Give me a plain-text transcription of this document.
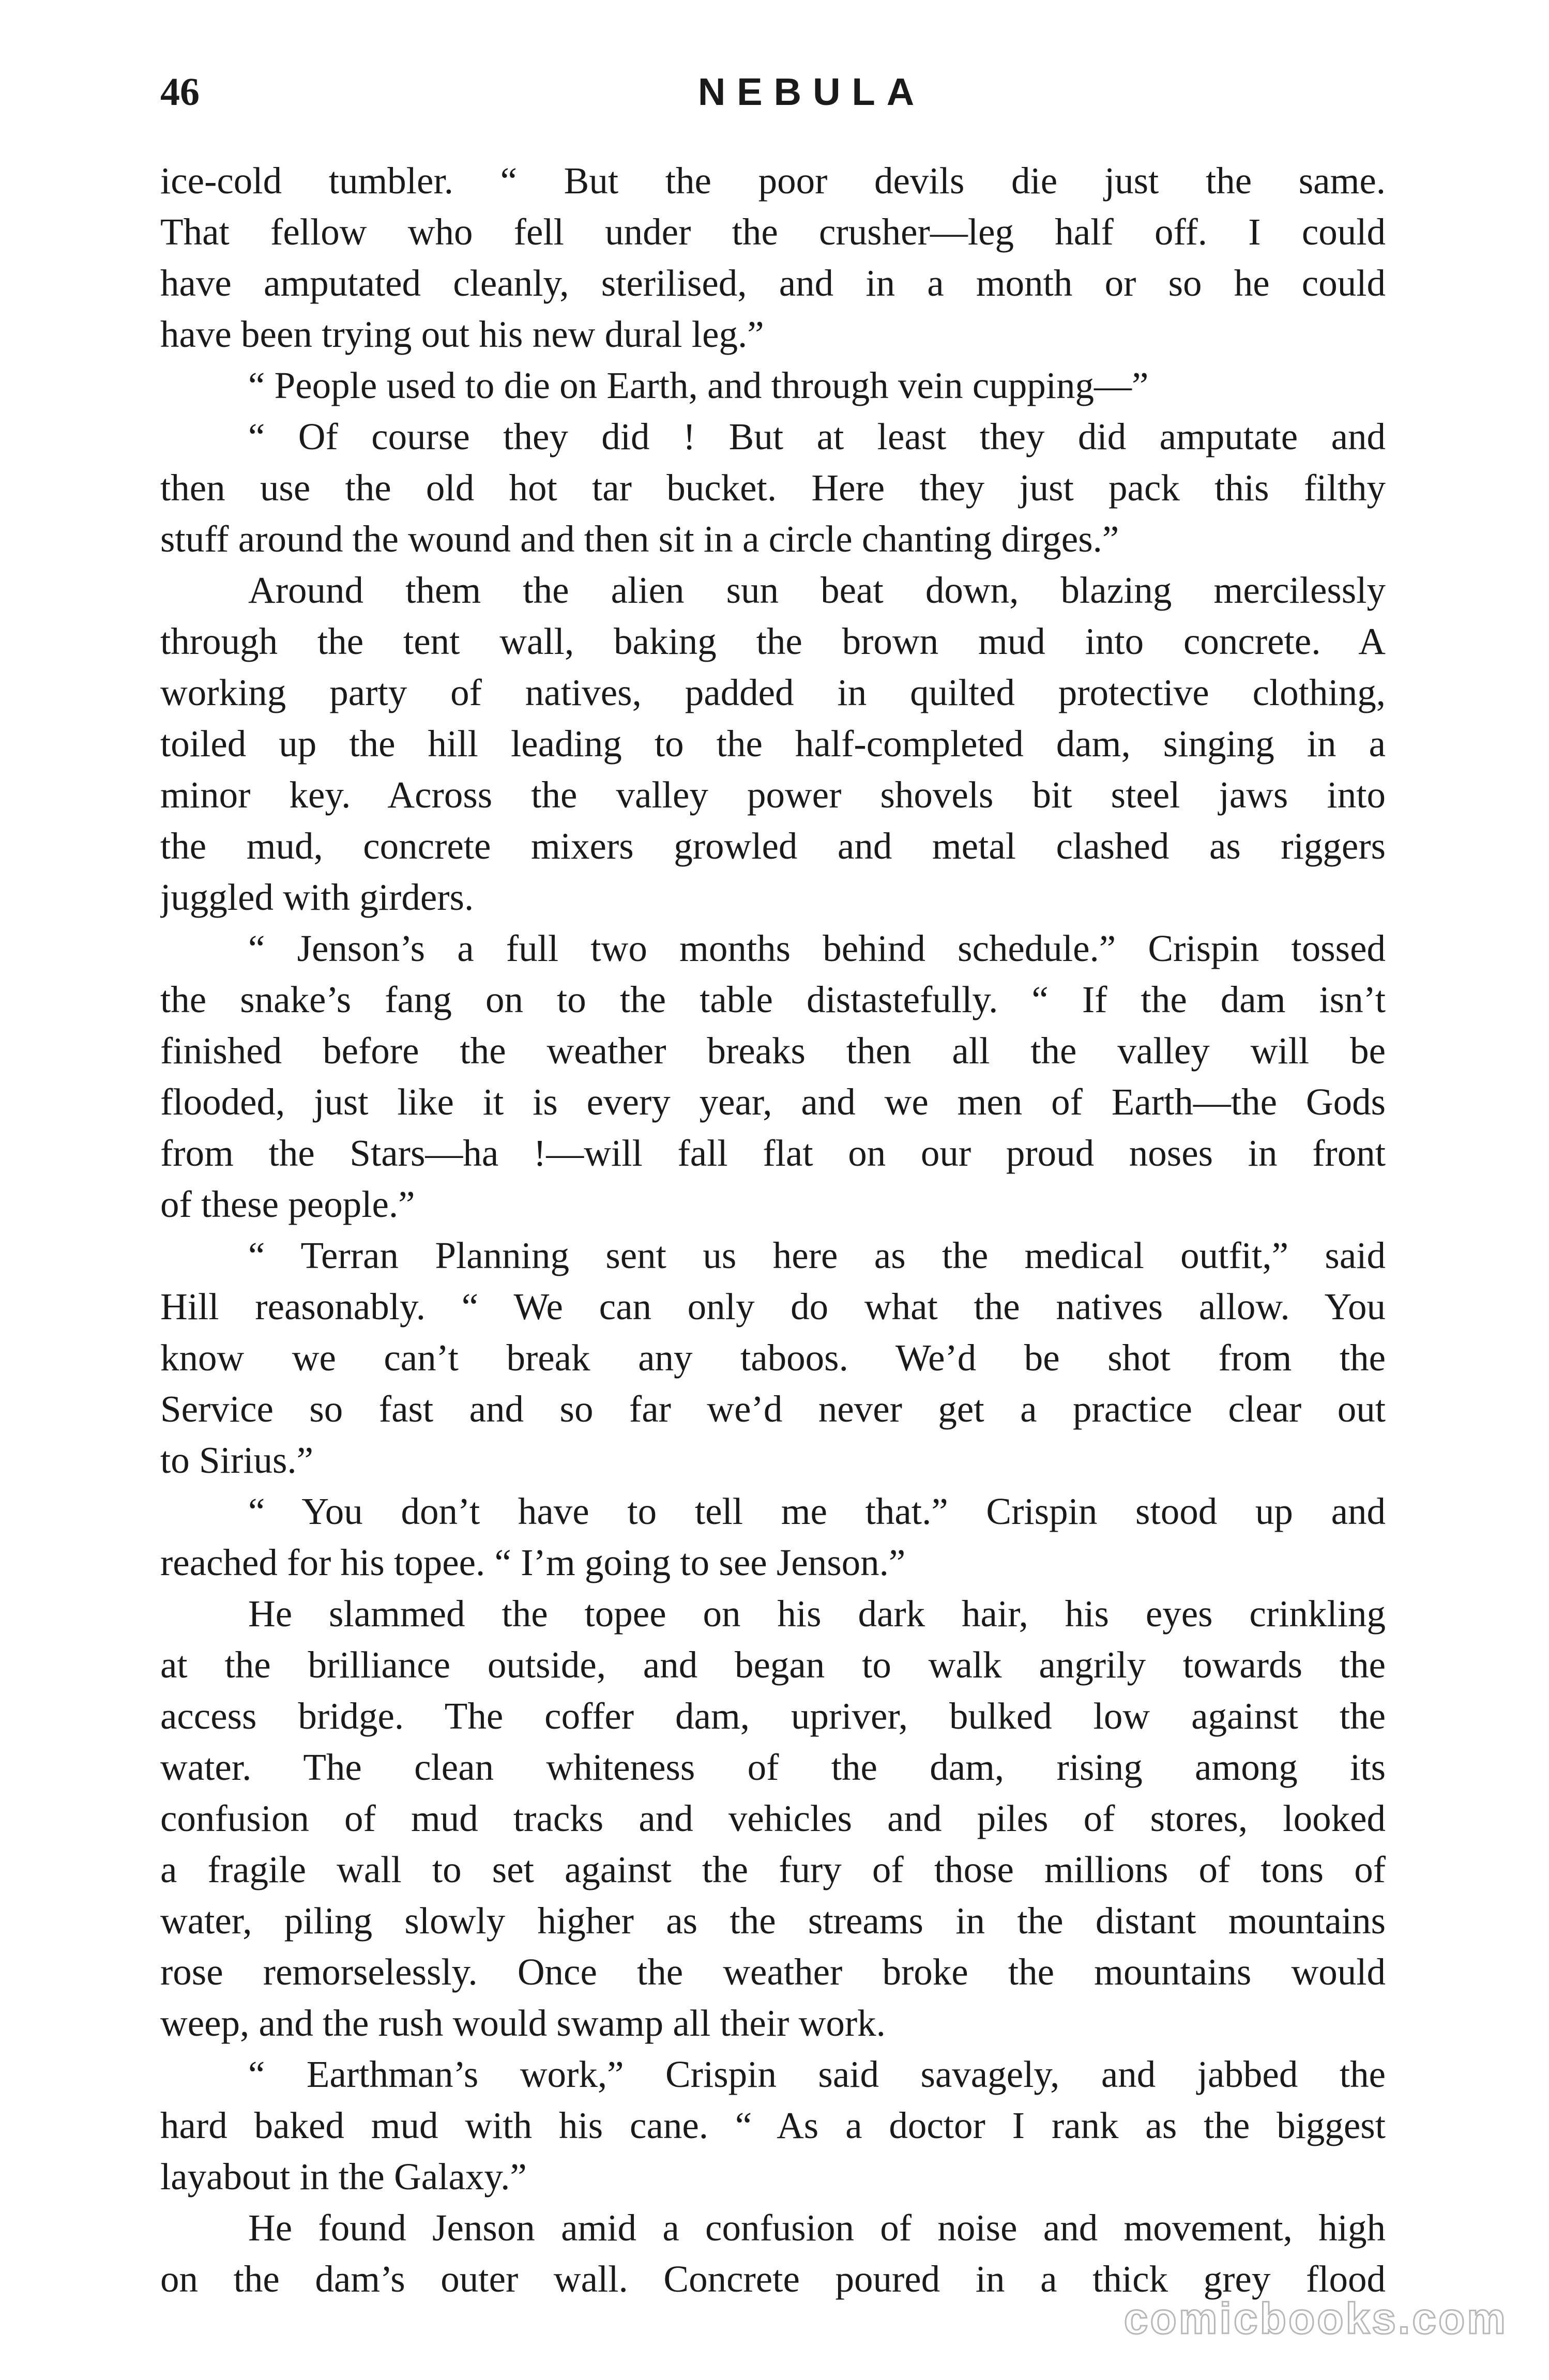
46	NEBULA
ice-cold tumbler. “ But the poor devils die just the same.
That fellow who fell under the crusher—leg half off. I could
have amputated cleanly, sterilised, and in a month or so he could
have been trying out his new dural leg.”
“ People used to die on Earth, and through vein cupping—”
“ Of course they did ! But at least they did amputate and
then use the old hot tar bucket. Here they just pack this filthy
stuff around the wound and then sit in a circle chanting dirges.”
Around them the alien sun beat down, blazing mercilessly
through the tent wall, baking the brown mud into concrete. A
working party of natives, padded in quilted protective clothing,
toiled up the hill leading to the half-completed dam, singing in a
minor key. Across the valley power shovels bit steel jaws into
the mud, concrete mixers growled and metal clashed as riggers
juggled with girders.
“ Jenson’s a full two months behind schedule.” Crispin tossed
the snake’s fang on to the table distastefully. “ If the dam isn’t
finished before the weather breaks then all the valley will be
flooded, just like it is every year, and we men of Earth—the Gods
from the Stars—ha !—will fall flat on our proud noses in front
of these people.”
“ Terran Planning sent us here as the medical outfit,” said
Hill reasonably. “ We can only do what the natives allow. You
know we can’t break any taboos. We’d be shot from the
Service so fast and so far we’d never get a practice clear out
to Sirius.”
“ You don’t have to tell me that.” Crispin stood up and
reached for his topee. “ I’m going to see Jenson.”
He slammed the topee on his dark hair, his eyes crinkling
at the brilliance outside, and began to walk angrily towards the
access bridge. The coffer dam, upriver, bulked low against the
water. The clean whiteness of the dam, rising among its
confusion of mud tracks and vehicles and piles of stores, looked
a fragile wall to set against the fury of those millions of tons of
water, piling slowly higher as the streams in the distant mountains
rose remorselessly. Once the weather broke the mountains would
weep, and the rush would swamp all their work.
“ Earthman’s work,” Crispin said savagely, and jabbed the
hard baked mud with his cane. “ As a doctor I rank as the biggest
layabout in the Galaxy.”
He found Jenson amid a confusion of noise and movement, high
on the dam’s outer wall. Concrete poured in a thick grey flood
comicbooks.com
